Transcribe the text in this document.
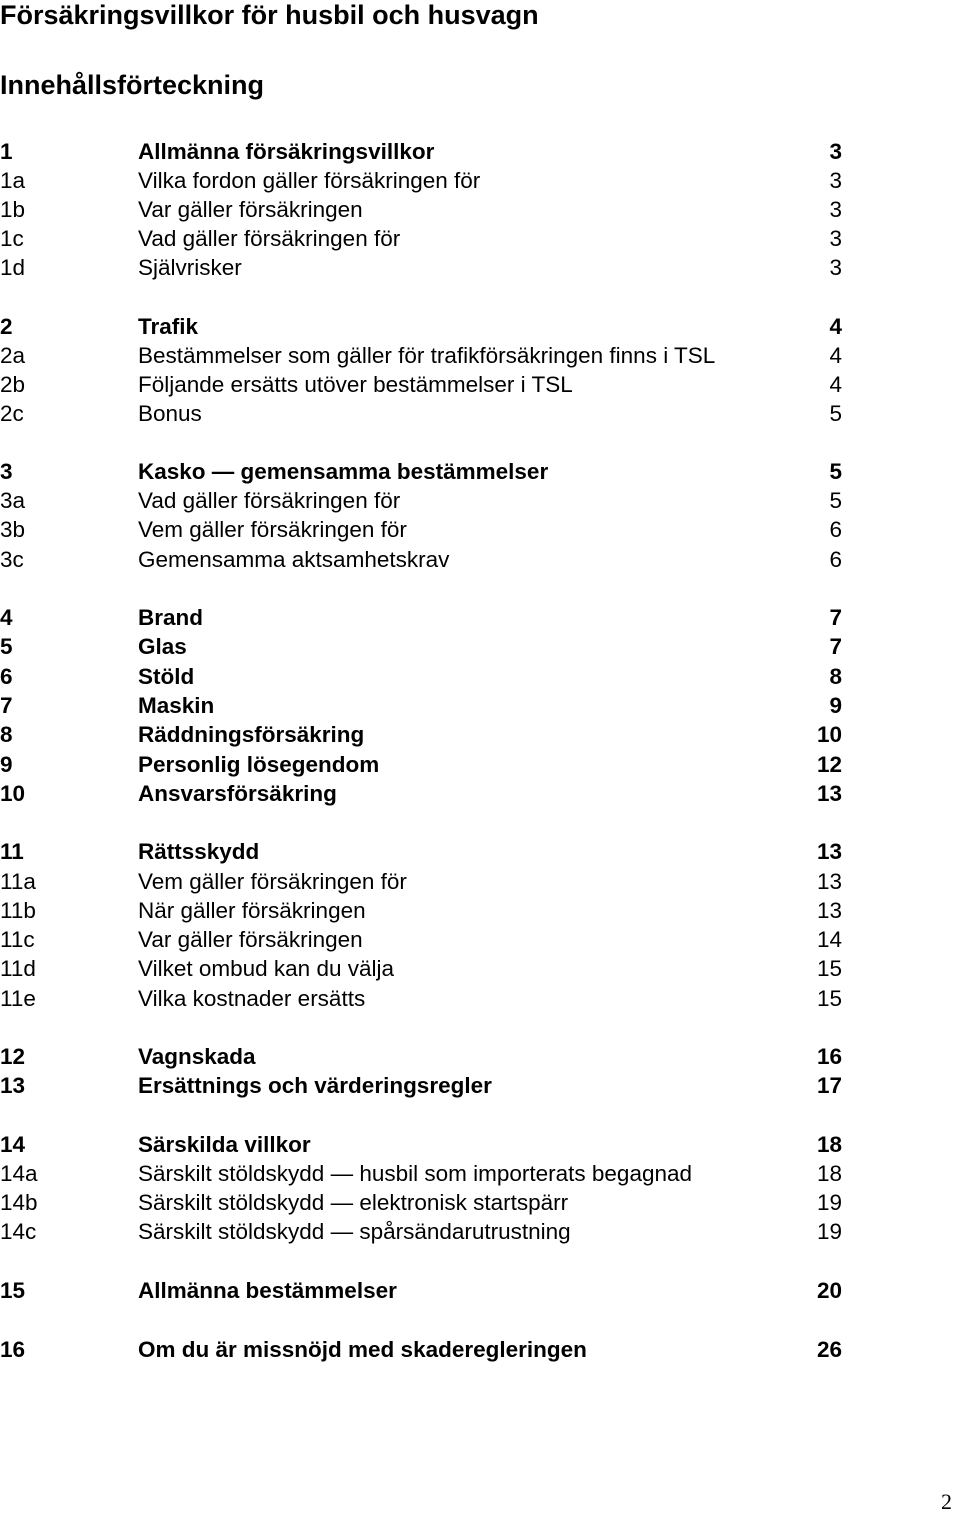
Försäkringsvillkor för husbil och husvagn
Innehållsförteckning
1	Allmänna försäkringsvillkor	3
1a	Vilka fordon gäller försäkringen för	3
1b	Var gäller försäkringen	3
1c	Vad gäller försäkringen för	3
1d	Självrisker	3
2	Trafik	4
2a	Bestämmelser som gäller för trafikförsäkringen finns i TSL	4
2b	Följande ersätts utöver bestämmelser i TSL	4
2c	Bonus	5
3	Kasko — gemensamma bestämmelser	5
3a	Vad gäller försäkringen för	5
3b	Vem gäller försäkringen för	6
3c	Gemensamma aktsamhetskrav	6
4	Brand	7
5	Glas	7
6	Stöld	8
7	Maskin	9
8	Räddningsförsäkring	10
9	Personlig lösegendom	12
10	Ansvarsförsäkring	13
11	Rättsskydd	13
11a	Vem gäller försäkringen för	13
11b	När gäller försäkringen	13
11c	Var gäller försäkringen	14
11d	Vilket ombud kan du välja	15
11e	Vilka kostnader ersätts	15
12	Vagnskada	16
13	Ersättnings och värderingsregler	17
14	Särskilda villkor	18
14a	Särskilt stöldskydd — husbil som importerats begagnad	18
14b	Särskilt stöldskydd — elektronisk startspärr	19
14c	Särskilt stöldskydd — spårsändarutrustning	19
15	Allmänna bestämmelser	20
16	Om du är missnöjd med skaderegleringen	26
2
